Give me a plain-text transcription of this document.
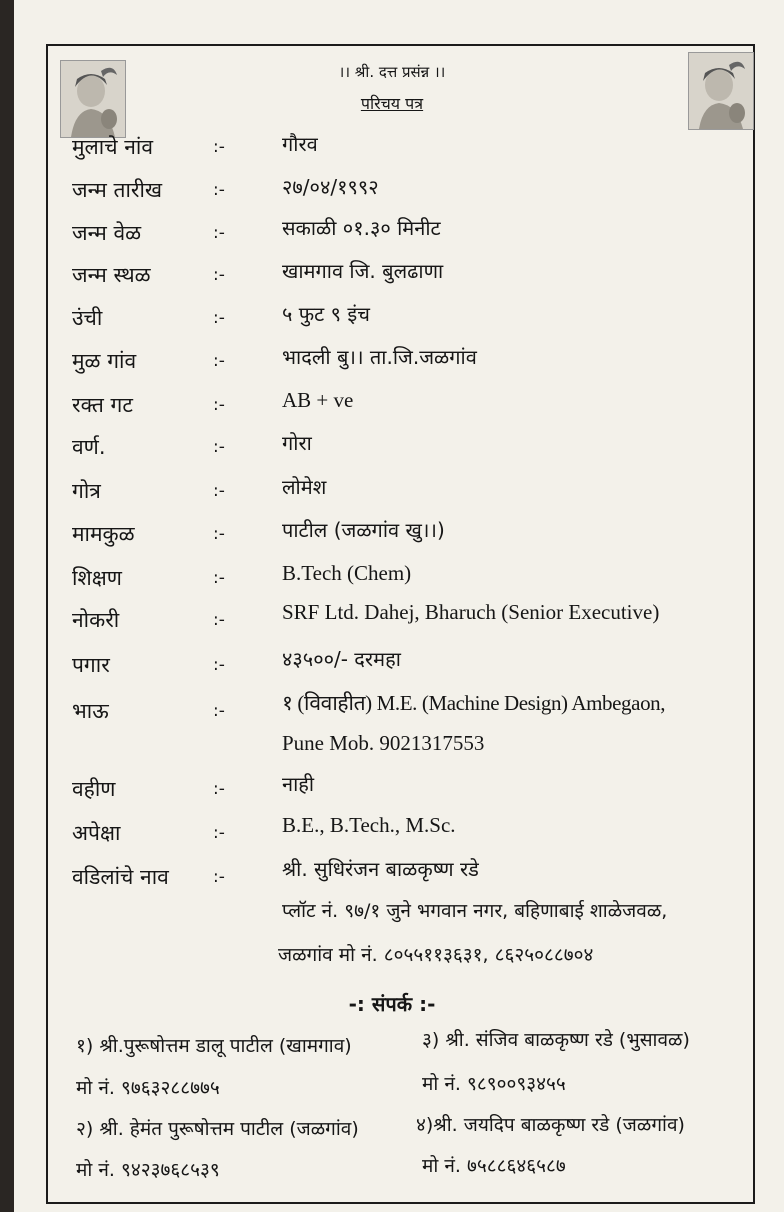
।। श्री. दत्त प्रसंन्न ।।
परिचय पत्र
मुलाचे नांव	:-	गौरव
जन्म तारीख	:-	२७/०४/१९९२
जन्म वेळ	:-	सकाळी ०१.३० मिनीट
जन्म स्थळ	:-	खामगाव जि. बुलढाणा
उंची	:-	५ फुट ९ इंच
मुळ गांव	:-	भादली बु।। ता.जि.जळगांव
रक्त गट	:-	AB + ve
वर्ण.	:-	गोरा
गोत्र	:-	लोमेश
मामकुळ	:-	पाटील (जळगांव खु।।)
शिक्षण	:-	B.Tech (Chem)
नोकरी	:-	SRF Ltd. Dahej, Bharuch (Senior Executive)
पगार	:-	४३५००/- दरमहा
भाऊ	:-	१ (विवाहीत) M.E. (Machine Design) Ambegaon,
Pune Mob. 9021317553
वहीण	:-	नाही
अपेक्षा	:-	B.E., B.Tech., M.Sc.
वडिलांचे नाव	:-	श्री. सुधिरंजन बाळकृष्ण रडे
प्लॉट नं. ९७/१ जुने भगवान नगर, बहिणाबाई शाळेजवळ,
जळगांव मो नं. ८०५५११३६३१, ८६२५०८८७०४
-: संपर्क :-
१) श्री.पुरूषोत्तम डालू पाटील (खामगाव)	३) श्री. संजिव बाळकृष्ण रडे (भुसावळ)
मो नं. ९७६३२८८७७५	मो नं. ९८९००९३४५५
२) श्री. हेमंत पुरूषोत्तम पाटील (जळगांव)	४)श्री. जयदिप बाळकृष्ण रडे (जळगांव)
मो नं. ९४२३७६८५३९	मो नं. ७५८८६४६५८७
